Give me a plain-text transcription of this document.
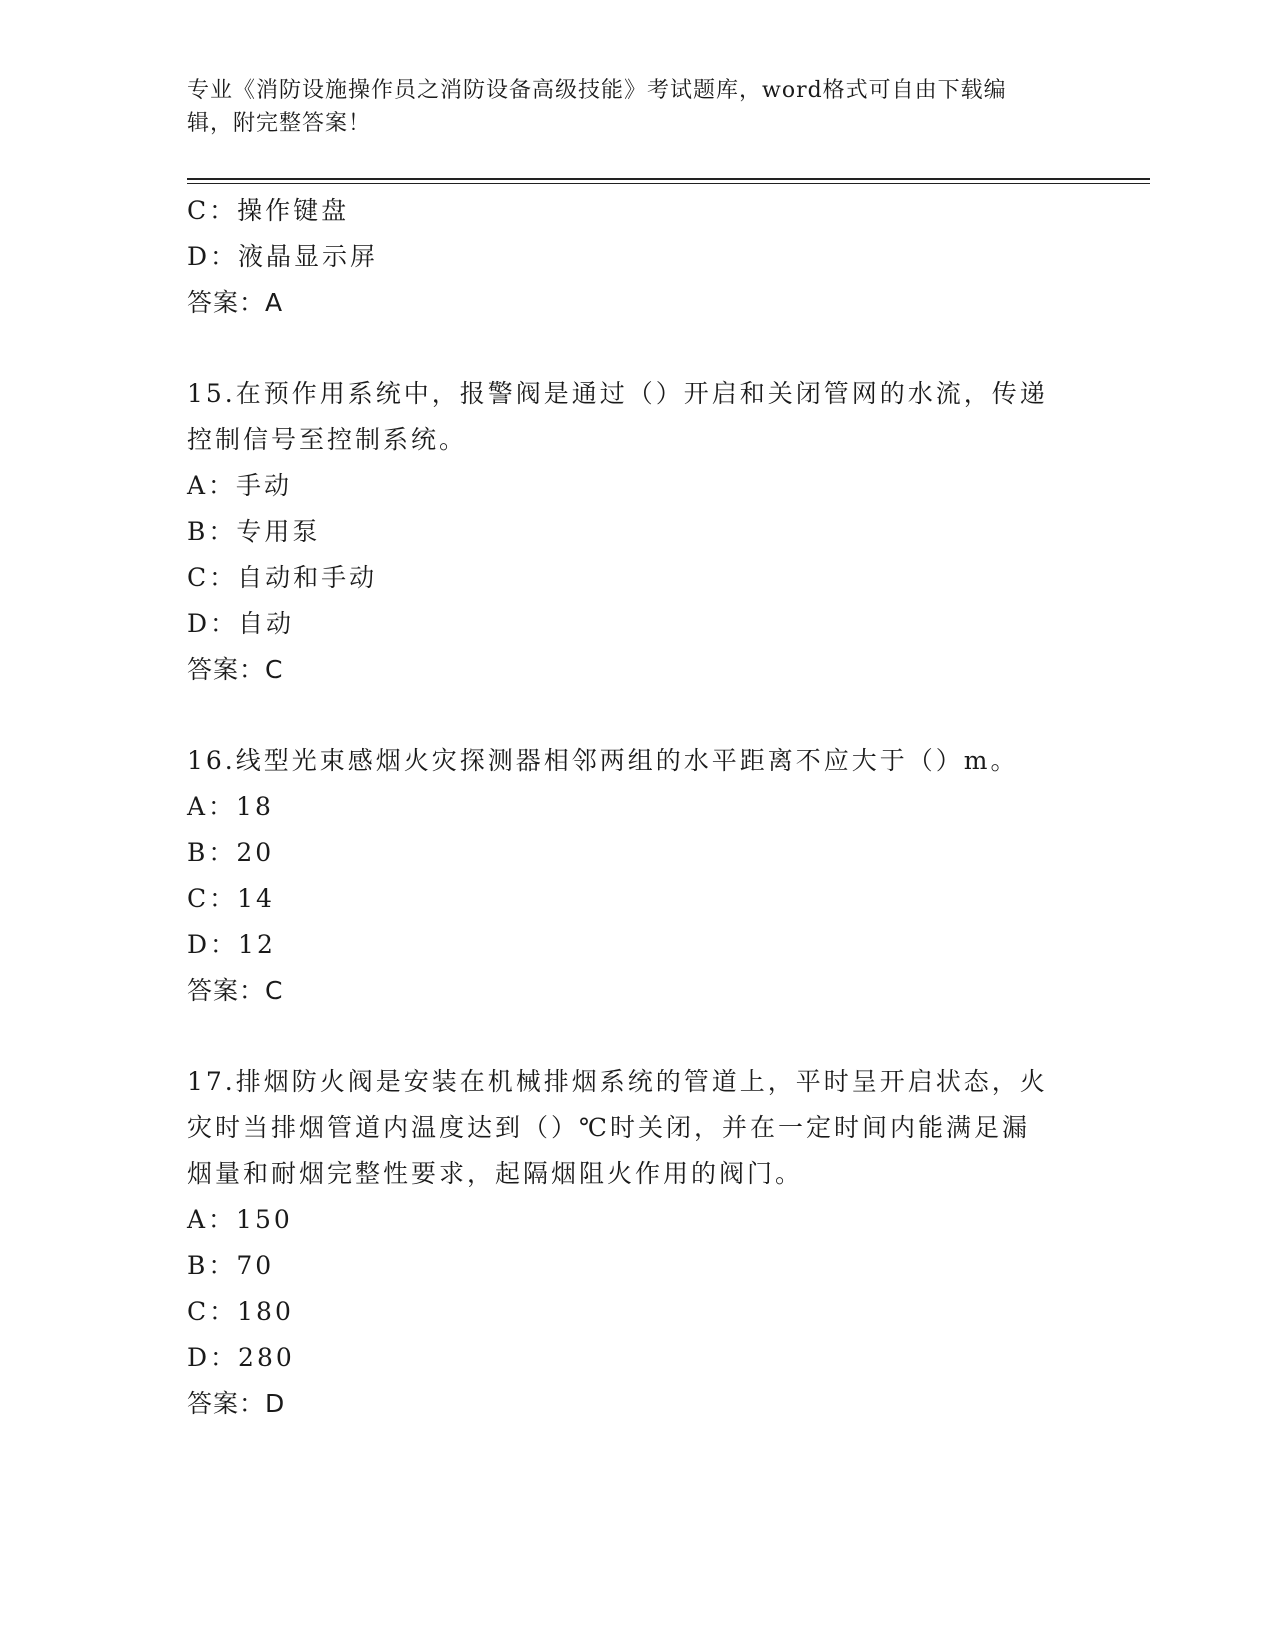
专业《消防设施操作员之消防设备高级技能》考试题库，word格式可自由下载编
辑，附完整答案！
C：操作键盘
D：液晶显示屏
答案：A
15.在预作用系统中，报警阀是通过（）开启和关闭管网的水流，传递
控制信号至控制系统。
A：手动
B：专用泵
C：自动和手动
D：自动
答案：C
16.线型光束感烟火灾探测器相邻两组的水平距离不应大于（）m。
A：18
B：20
C：14
D：12
答案：C
17.排烟防火阀是安装在机械排烟系统的管道上，平时呈开启状态，火
灾时当排烟管道内温度达到（）℃时关闭，并在一定时间内能满足漏
烟量和耐烟完整性要求，起隔烟阻火作用的阀门。
A：150
B：70
C：180
D：280
答案：D
